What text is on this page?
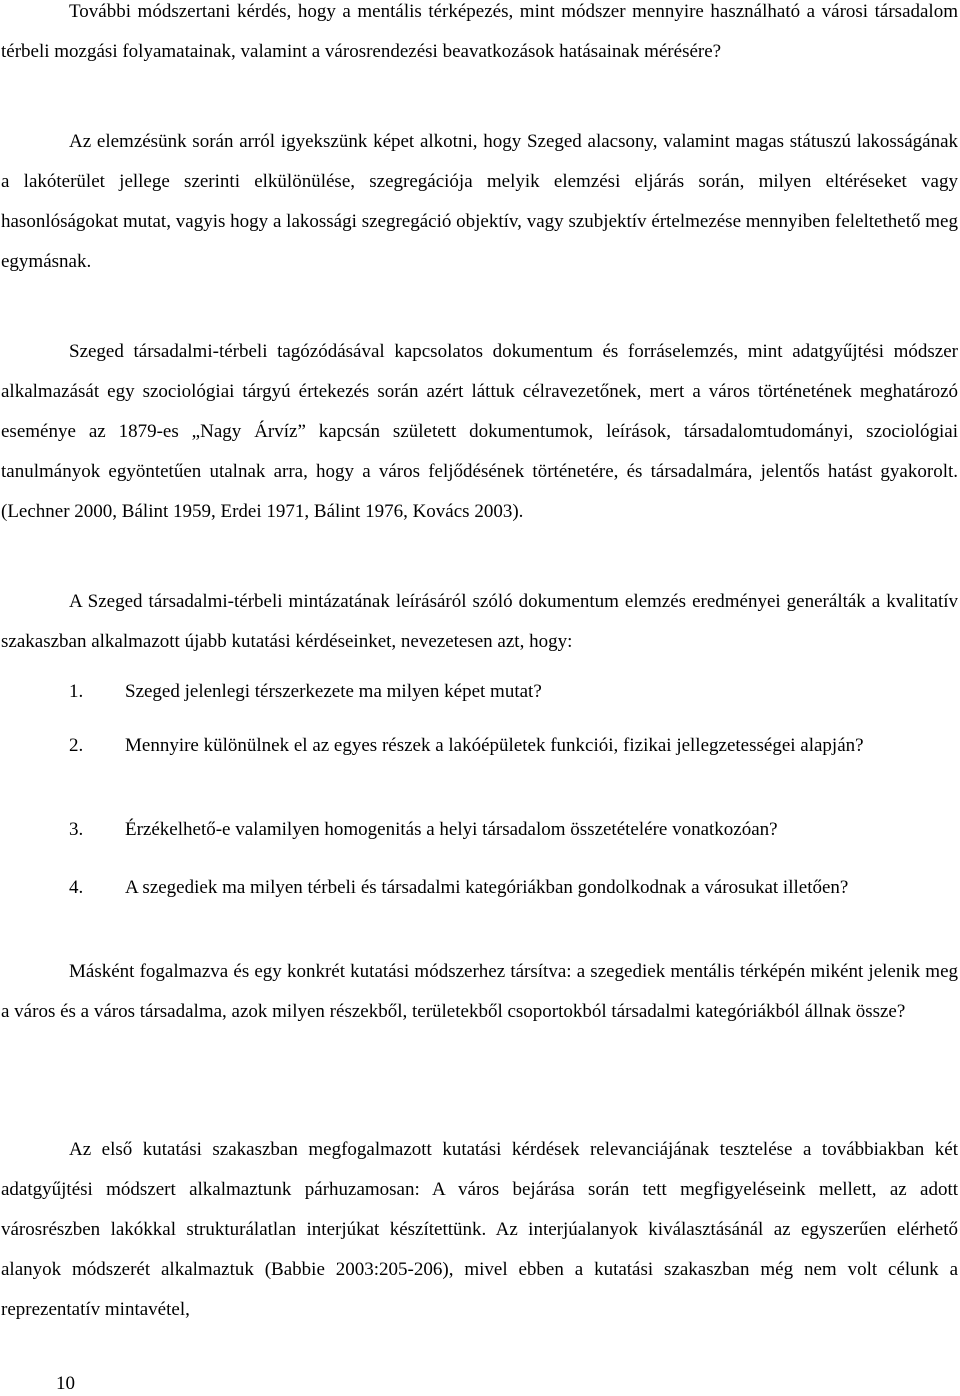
További módszertani kérdés, hogy a mentális térképezés, mint módszer mennyire használható a városi társadalom térbeli mozgási folyamatainak, valamint a városrendezési beavatkozások hatásainak mérésére?

Az elemzésünk során arról igyekszünk képet alkotni, hogy Szeged alacsony, valamint magas státuszú lakosságának a lakóterület jellege szerinti elkülönülése, szegregációja melyik elemzési eljárás során, milyen eltéréseket vagy hasonlóságokat mutat, vagyis hogy a lakossági szegregáció objektív, vagy szubjektív értelmezése mennyiben feleltethető meg egymásnak.

Szeged társadalmi-térbeli tagózódásával kapcsolatos dokumentum és forráselemzés, mint adatgyűjtési módszer alkalmazását egy szociológiai tárgyú értekezés során azért láttuk célravezetőnek, mert a város történetének meghatározó eseménye az 1879-es „Nagy Árvíz” kapcsán született dokumentumok, leírások, társadalomtudományi, szociológiai tanulmányok egyöntetűen utalnak arra, hogy a város feljődésének történetére, és társadalmára, jelentős hatást gyakorolt. (Lechner 2000, Bálint 1959, Erdei 1971, Bálint 1976, Kovács 2003).

A Szeged társadalmi-térbeli mintázatának leírásáról szóló dokumentum elemzés eredményei generálták a kvalitatív szakaszban alkalmazott újabb kutatási kérdéseinket, nevezetesen azt, hogy:

1. Szeged jelenlegi térszerkezete ma milyen képet mutat?
2. Mennyire különülnek el az egyes részek a lakóépületek funkciói, fizikai jellegzetességei alapján?
3. Érzékelhető-e valamilyen homogenitás a helyi társadalom összetételére vonatkozóan?
4. A szegediek ma milyen térbeli és társadalmi kategóriákban gondolkodnak a városukat illetően?

Másként fogalmazva és egy konkrét kutatási módszerhez társítva: a szegediek mentális térképén miként jelenik meg a város és a város társadalma, azok milyen részekből, területekből csoportokból társadalmi kategóriákból állnak össze?

Az első kutatási szakaszban megfogalmazott kutatási kérdések relevanciájának tesztelése a továbbiakban két adatgyűjtési módszert alkalmaztunk párhuzamosan: A város bejárása során tett megfigyeléseink mellett, az adott városrészben lakókkal strukturálatlan interjúkat készítettünk. Az interjúalanyok kiválasztásánál az egyszerűen elérhető alanyok módszerét alkalmaztuk (Babbie 2003:205-206), mivel ebben a kutatási szakaszban még nem volt célunk a reprezentatív mintavétel,

10
